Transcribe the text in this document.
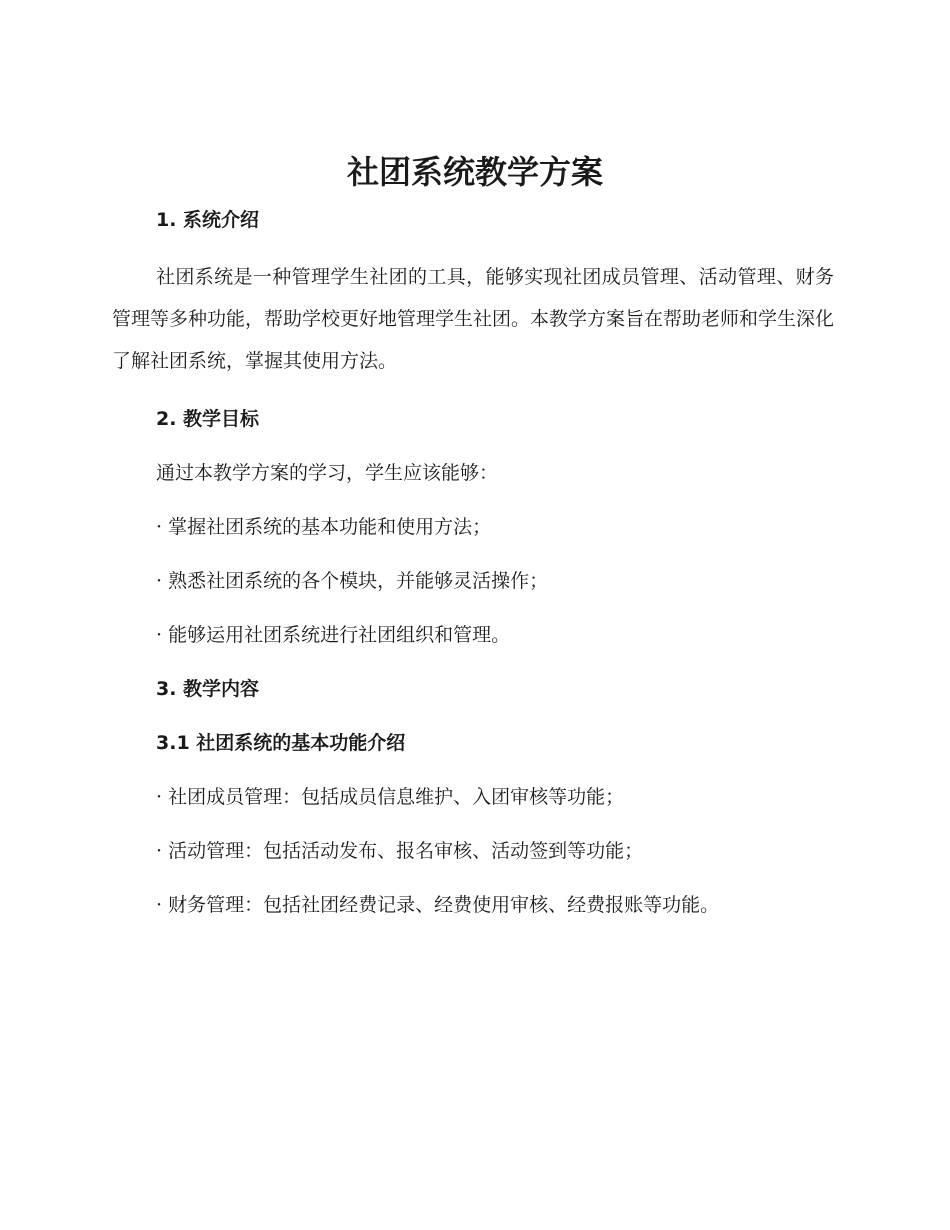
社团系统教学方案
1. 系统介绍

社团系统是一种管理学生社团的工具，能够实现社团成员管理、活动管理、财务管理等多种功能，帮助学校更好地管理学生社团。本教学方案旨在帮助老师和学生深化了解社团系统，掌握其使用方法。

2. 教学目标

通过本教学方案的学习，学生应该能够：

· 掌握社团系统的基本功能和使用方法；

· 熟悉社团系统的各个模块，并能够灵活操作；

· 能够运用社团系统进行社团组织和管理。

3. 教学内容
3.1 社团系统的基本功能介绍

· 社团成员管理：包括成员信息维护、入团审核等功能；

· 活动管理：包括活动发布、报名审核、活动签到等功能；

· 财务管理：包括社团经费记录、经费使用审核、经费报账等功能。
